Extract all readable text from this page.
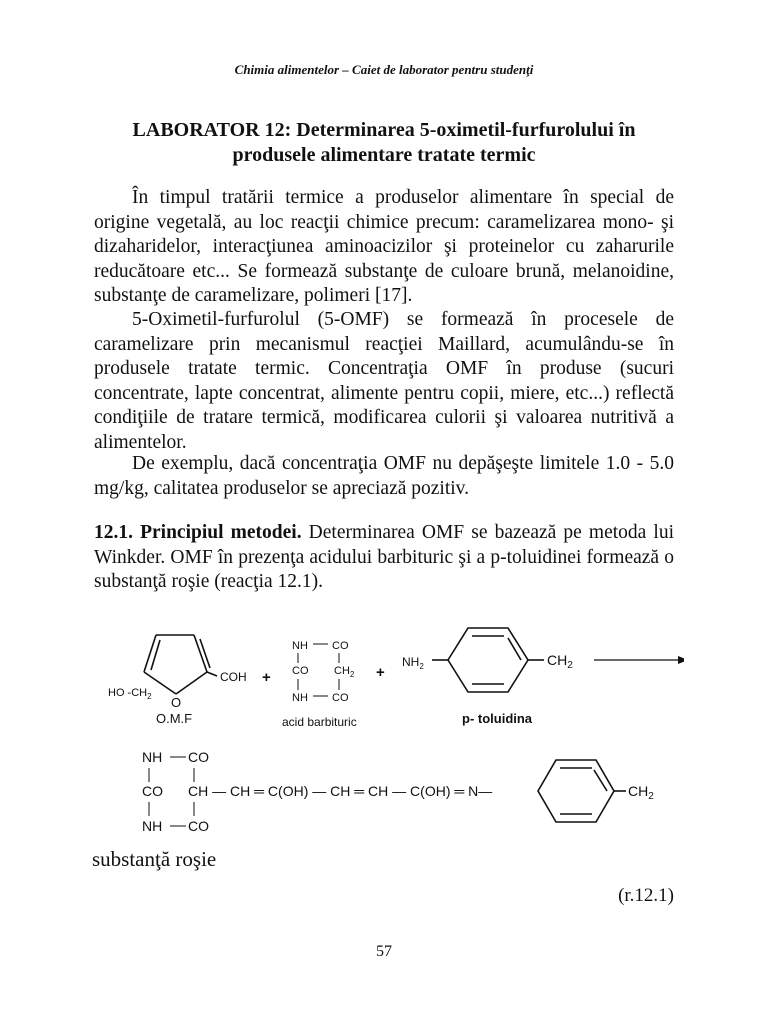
Chimia alimentelor – Caiet de laborator pentru studenţi
LABORATOR 12: Determinarea 5-oximetil-furfurolului în
produsele alimentare tratate termic

În timpul tratării termice a produselor alimentare în special de origine vegetală, au loc reacţii chimice precum: caramelizarea mono- şi dizaharidelor, interacţiunea aminoacizilor şi proteinelor cu zaharurile reducătoare etc... Se formează substanţe de culoare brună, melanoidine, substanţe de caramelizare, polimeri [17].

5-Oximetil-furfurolul (5-OMF) se formează în procesele de caramelizare prin mecanismul reacţiei Maillard, acumulându-se în produsele tratate termic. Concentraţia OMF în produse (sucuri concentrate, lapte concentrat, alimente pentru copii, miere, etc...) reflectă condiţiile de tratare termică, modificarea culorii şi valoarea nutritivă a alimentelor.

De exemplu, dacă concentraţia OMF nu depăşeşte limitele 1.0 - 5.0 mg/kg, calitatea produselor se apreciază pozitiv.

12.1. Principiul metodei. Determinarea OMF se bazează pe metoda lui Winkder. OMF în prezenţa acidului barbituric şi a p-toluidinei formează o substanţă roşie (reacţia 12.1).

COH
O
HO $-CH_2$
O.M.F
+
NH CO
CO $CH_2$
NH CO
acid barbituric
+
$NH_2$	$CH_2$
p- toluidina
NH CO
CO CH — CH ═ C(OH) — CH ═ CH — C(OH) ═ N—
NH CO
$CH_2$
substanţă roşie
(r.12.1)
57
